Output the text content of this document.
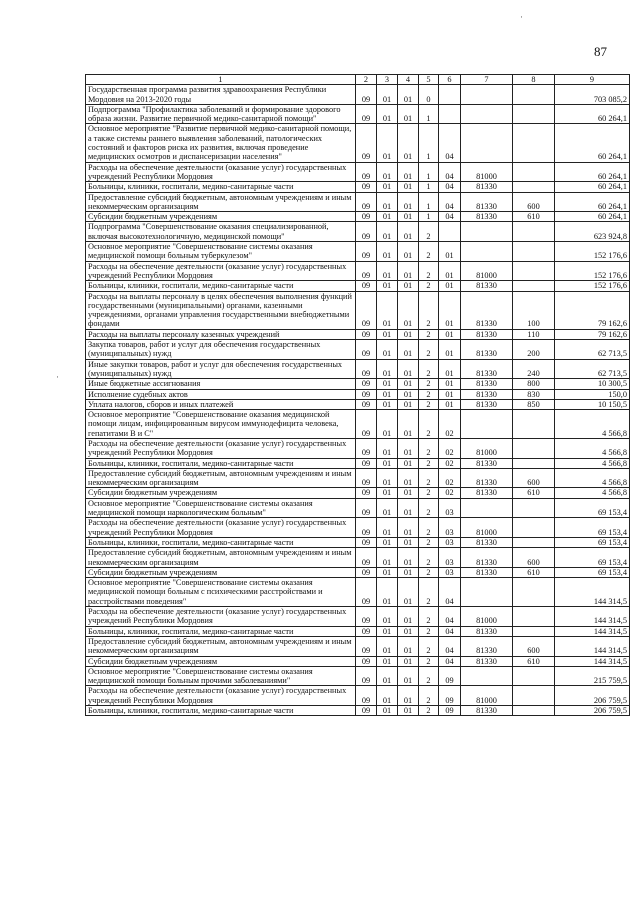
87
·
·
1	2	3	4	5	6	7	8	9
Государственная программа развития здравоохранения Республики Мордовия на 2013-2020 годы	09	01	01	0				703 085,2
Подпрограмма "Профилактика заболеваний и формирование здорового образа жизни. Развитие первичной медико-санитарной помощи"	09	01	01	1				60 264,1
Основное мероприятие "Развитие первичной медико-санитарной помощи, а также системы раннего выявления заболеваний, патологических состояний и факторов риска их развития, включая проведение медицинских осмотров и диспансеризации населения"	09	01	01	1	04			60 264,1
Расходы на обеспечение деятельности (оказание услуг) государственных учреждений Республики Мордовия	09	01	01	1	04	81000		60 264,1
Больницы, клиники, госпитали, медико-санитарные части	09	01	01	1	04	81330		60 264,1
Предоставление субсидий бюджетным, автономным учреждениям и иным некоммерческим организациям	09	01	01	1	04	81330	600	60 264,1
Субсидии бюджетным учреждениям	09	01	01	1	04	81330	610	60 264,1
Подпрограмма "Совершенствование оказания специализированной, включая высокотехнологичную, медицинской помощи"	09	01	01	2				623 924,8
Основное мероприятие "Совершенствование системы оказания медицинской помощи больным туберкулезом"	09	01	01	2	01			152 176,6
Расходы на обеспечение деятельности (оказание услуг) государственных учреждений Республики Мордовия	09	01	01	2	01	81000		152 176,6
Больницы, клиники, госпитали, медико-санитарные части	09	01	01	2	01	81330		152 176,6
Расходы на выплаты персоналу в целях обеспечения выполнения функций государственными (муниципальными) органами, казенными учреждениями, органами управления государственными внебюджетными фондами	09	01	01	2	01	81330	100	79 162,6
Расходы на выплаты персоналу казенных учреждений	09	01	01	2	01	81330	110	79 162,6
Закупка товаров, работ и услуг для обеспечения государственных (муниципальных) нужд	09	01	01	2	01	81330	200	62 713,5
Иные закупки товаров, работ и услуг для обеспечения государственных (муниципальных) нужд	09	01	01	2	01	81330	240	62 713,5
Иные бюджетные ассигнования	09	01	01	2	01	81330	800	10 300,5
Исполнение судебных актов	09	01	01	2	01	81330	830	150,0
Уплата налогов, сборов и иных платежей	09	01	01	2	01	81330	850	10 150,5
Основное мероприятие "Совершенствование оказания медицинской помощи лицам, инфицированным вирусом иммунодефицита человека, гепатитами В и С"	09	01	01	2	02			4 566,8
Расходы на обеспечение деятельности (оказание услуг) государственных учреждений Республики Мордовия	09	01	01	2	02	81000		4 566,8
Больницы, клиники, госпитали, медико-санитарные части	09	01	01	2	02	81330		4 566,8
Предоставление субсидий бюджетным, автономным учреждениям и иным некоммерческим организациям	09	01	01	2	02	81330	600	4 566,8
Субсидии бюджетным учреждениям	09	01	01	2	02	81330	610	4 566,8
Основное мероприятие "Совершенствование системы оказания медицинской помощи наркологическим больным"	09	01	01	2	03			69 153,4
Расходы на обеспечение деятельности (оказание услуг) государственных учреждений Республики Мордовия	09	01	01	2	03	81000		69 153,4
Больницы, клиники, госпитали, медико-санитарные части	09	01	01	2	03	81330		69 153,4
Предоставление субсидий бюджетным, автономным учреждениям и иным некоммерческим организациям	09	01	01	2	03	81330	600	69 153,4
Субсидии бюджетным учреждениям	09	01	01	2	03	81330	610	69 153,4
Основное мероприятие "Совершенствование системы оказания медицинской помощи больным с психическими расстройствами и расстройствами поведения"	09	01	01	2	04			144 314,5
Расходы на обеспечение деятельности (оказание услуг) государственных учреждений Республики Мордовия	09	01	01	2	04	81000		144 314,5
Больницы, клиники, госпитали, медико-санитарные части	09	01	01	2	04	81330		144 314,5
Предоставление субсидий бюджетным, автономным учреждениям и иным некоммерческим организациям	09	01	01	2	04	81330	600	144 314,5
Субсидии бюджетным учреждениям	09	01	01	2	04	81330	610	144 314,5
Основное мероприятие "Совершенствование системы оказания медицинской помощи больным прочими заболеваниями"	09	01	01	2	09			215 759,5
Расходы на обеспечение деятельности (оказание услуг) государственных учреждений Республики Мордовия	09	01	01	2	09	81000		206 759,5
Больницы, клиники, госпитали, медико-санитарные части	09	01	01	2	09	81330		206 759,5
